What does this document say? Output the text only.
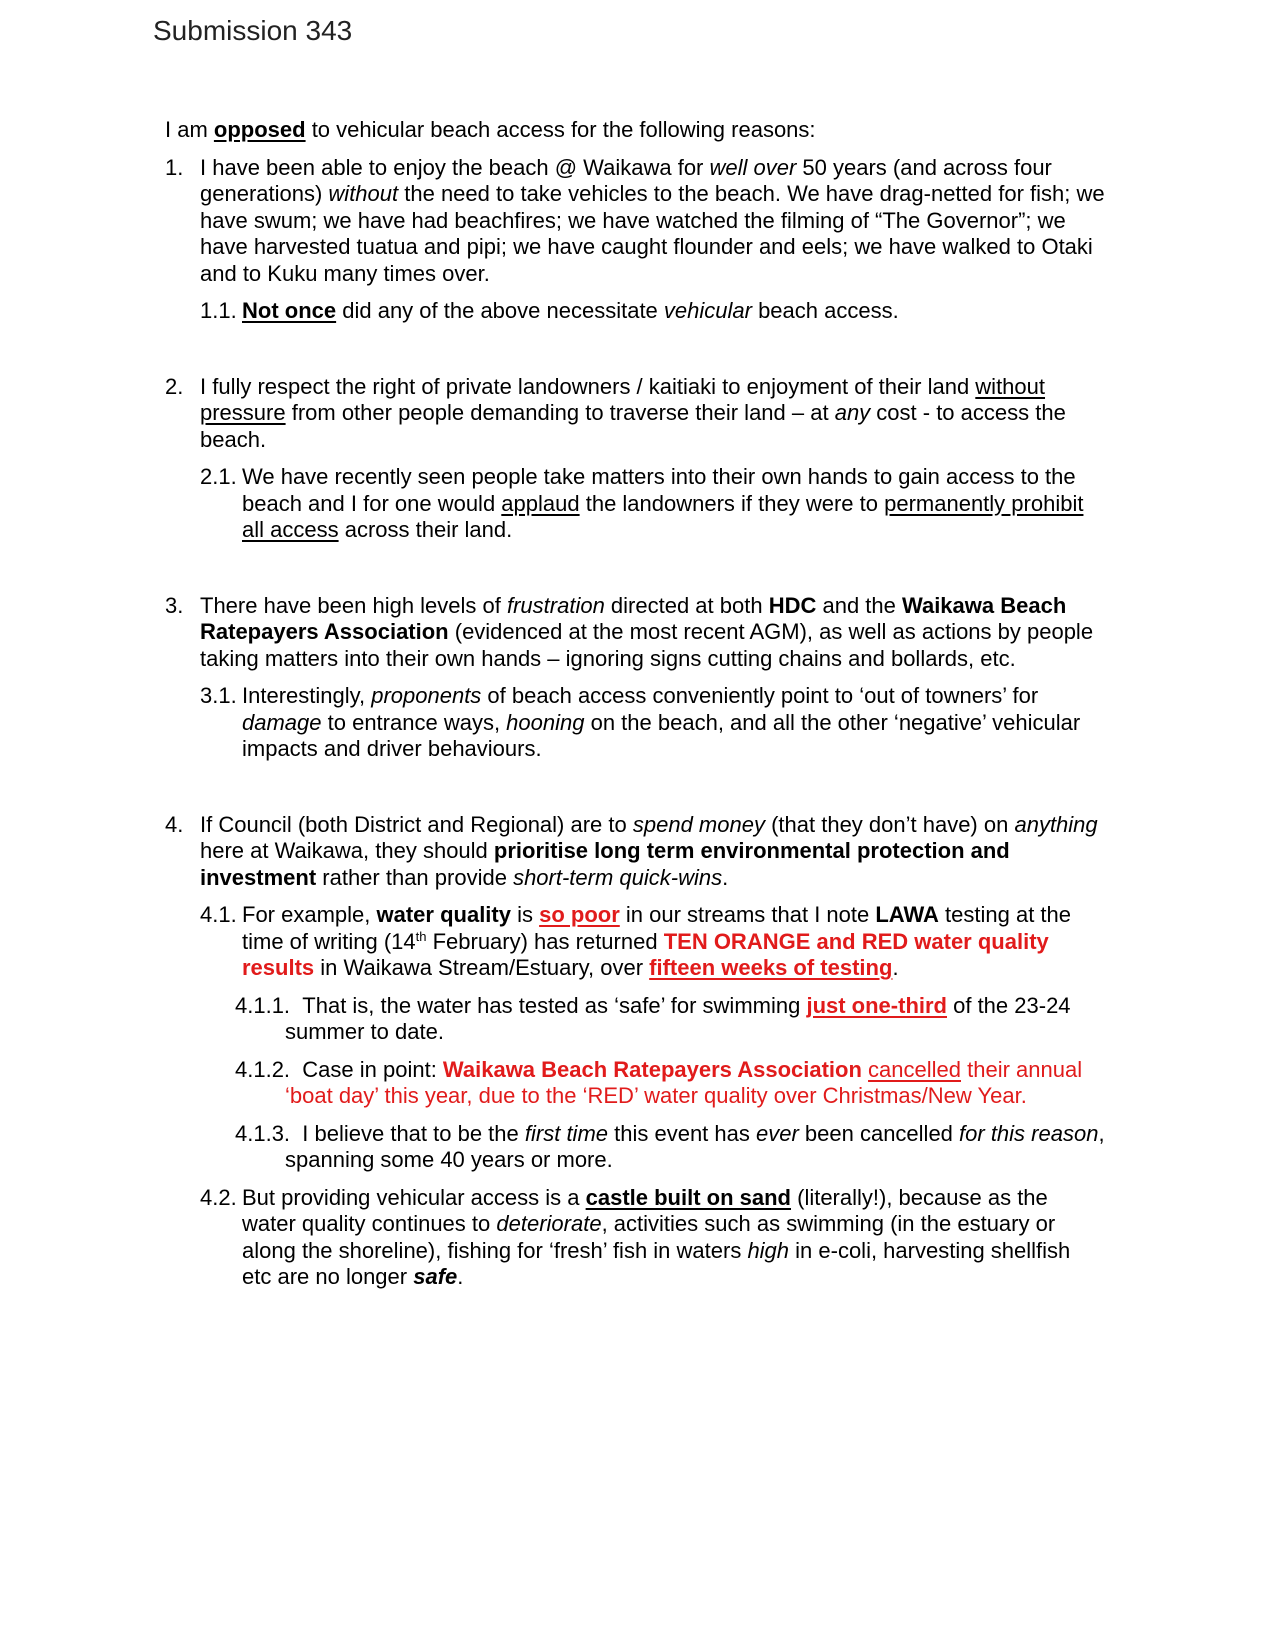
Submission 343

I am opposed to vehicular beach access for the following reasons:

1. I have been able to enjoy the beach @ Waikawa for well over 50 years (and across four generations) without the need to take vehicles to the beach. We have drag-netted for fish; we have swum; we have had beachfires; we have watched the filming of “The Governor”; we have harvested tuatua and pipi; we have caught flounder and eels; we have walked to Otaki and to Kuku many times over.

1.1. Not once did any of the above necessitate vehicular beach access.

2. I fully respect the right of private landowners / kaitiaki to enjoyment of their land without pressure from other people demanding to traverse their land – at any cost - to access the beach.

2.1. We have recently seen people take matters into their own hands to gain access to the beach and I for one would applaud the landowners if they were to permanently prohibit all access across their land.

3. There have been high levels of frustration directed at both HDC and the Waikawa Beach Ratepayers Association (evidenced at the most recent AGM), as well as actions by people taking matters into their own hands – ignoring signs cutting chains and bollards, etc.

3.1. Interestingly, proponents of beach access conveniently point to ‘out of towners’ for damage to entrance ways, hooning on the beach, and all the other ‘negative’ vehicular impacts and driver behaviours.

4. If Council (both District and Regional) are to spend money (that they don’t have) on anything here at Waikawa, they should prioritise long term environmental protection and investment rather than provide short-term quick-wins.

4.1. For example, water quality is so poor in our streams that I note LAWA testing at the time of writing (14th February) has returned TEN ORANGE and RED water quality results in Waikawa Stream/Estuary, over fifteen weeks of testing.

4.1.1. That is, the water has tested as ‘safe’ for swimming just one-third of the 23-24 summer to date.

4.1.2. Case in point: Waikawa Beach Ratepayers Association cancelled their annual ‘boat day’ this year, due to the ‘RED’ water quality over Christmas/New Year.

4.1.3. I believe that to be the first time this event has ever been cancelled for this reason, spanning some 40 years or more.

4.2. But providing vehicular access is a castle built on sand (literally!), because as the water quality continues to deteriorate, activities such as swimming (in the estuary or along the shoreline), fishing for ‘fresh’ fish in waters high in e-coli, harvesting shellfish etc are no longer safe.
